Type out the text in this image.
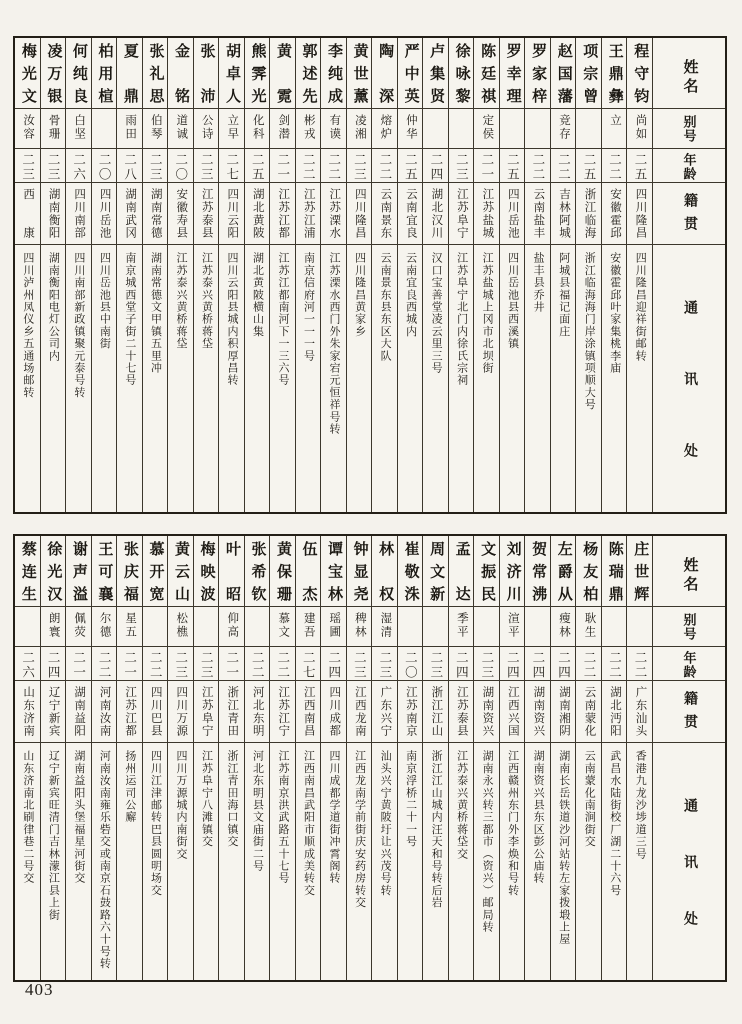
姓名
别号
年龄
籍贯
通讯处
程守钧
尚如
二五
四川隆昌
四川隆昌迎祥街邮转
王鼎彝
立
二二
安徽霍邱
安徽霍邱叶家集桃李庙
项宗曾
二五
浙江临海
浙江临海海门岸涂镇项顺大号
赵国藩
竞存
二二
吉林阿城
阿城县福记面庄
罗家梓
二二
云南盐丰
盐丰县乔井
罗幸理
二五
四川岳池
四川岳池县西溪镇
陈廷祺
定侯
二一
江苏盐城
江苏盐城上冈市北坝街
徐咏黎
二三
江苏阜宁
江苏阜宁北门内徐氏宗祠
卢集贤
二四
湖北汉川
汉口宝善堂凌云里三号
严中英
仲华
二五
云南宜良
云南宜良西城内
陶深
熔炉
二二
云南景东
云南景东县东区大队
黄世薰
凌湘
二三
四川隆昌
四川隆昌黄家乡
李纯成
有谟
二二
江苏溧水
江苏溧水西门外朱家宕元恒祥号转
郭述先
彬戎
二二
江苏江浦
南京信府河一一一号
黄霓
剑潜
二一
江苏江都
江苏江都南河下一三六号
熊霁光
化科
二五
湖北黄陂
湖北黄陂横山集
胡卓人
立早
二七
四川云阳
四川云阳县城内积厚昌转
张沛
公诗
二三
江苏泰县
江苏泰兴黄桥蒋垈
金铭
道诚
二〇
安徽寿县
江苏泰兴黄桥蒋垈
张礼思
伯琴
二三
湖南常德
湖南常德文甲镇五里冲
夏鼎
雨田
二八
湖南武冈
南京城西堂子街二十七号
柏用楦
二〇
四川岳池
四川岳池县中南街
何纯良
白坚
二六
四川南部
四川南部新政镇聚元泰号转
凌万银
骨珊
二三
湖南衡阳
湖南衡阳电灯公司内
梅光文
汝容
二三
西康
四川泸州凤仪乡五通场邮转
姓名
别号
年龄
籍贯
通讯处
庄世辉
二二
广东汕头
香港九龙沙埗道三号
陈瑞鼎
二二
湖北沔阳
武昌水陆街校厂湖二十六号
杨友柏
耿生
二二
云南蒙化
云南蒙化南涧街交
左爵从
瘦林
二四
湖南湘阴
湖南长岳铁道沙河站转左家拨塅上屋
贺常沸
二四
湖南资兴
湖南资兴县东区彭公庙转
刘济川
渲平
二四
江西兴国
江西赣州东门外李焕和号转
文振民
二三
湖南资兴
湖南永兴转三都市（资兴）邮局转
孟达
季平
二四
江苏泰县
江苏泰兴黄桥蒋垈交
周文新
二三
浙江江山
浙江江山城内汪天和号转后岩
崔敬洙
二〇
江苏南京
南京浮桥二十一号
林权
湿清
二三
广东兴宁
汕头兴宁黄陂圩让兴茂号转
钟显尧
稗林
二三
江西龙南
江西龙南学前街庆安药房转交
谭宝林
瑶圃
二四
四川成都
四川成都学道街冲霄阁转
伍杰
建吾
二七
江西南昌
江西南昌武阳市顺成美转交
黄保珊
慕文
二二
江苏江宁
江苏南京洪武路五十七号
张希钦
二二
河北东明
河北东明县文庙街二号
叶昭
仰高
二一
浙江青田
浙江青田海口镇交
梅映波
二三
江苏阜宁
江苏阜宁八滩镇交
黄云山
松樵
二三
四川万源
四川万源城内南街交
慕开宽
二二
四川巴县
四川江津邮转巴县圆明场交
张庆福
星五
二一
江苏江都
扬州运司公廨
王可襄
尔德
二二
河南汝南
河南汝南雍乐砦交或南京石鼓路六十号转
谢声溢
佩荧
二一
湖南益阳
湖南益阳头堡福星河街交
徐光汉
朗寰
二四
辽宁新宾
辽宁新宾旺清门吉林濛江县上街
蔡连生
二六
山东济南
山东济南北刷律巷二号交
403
